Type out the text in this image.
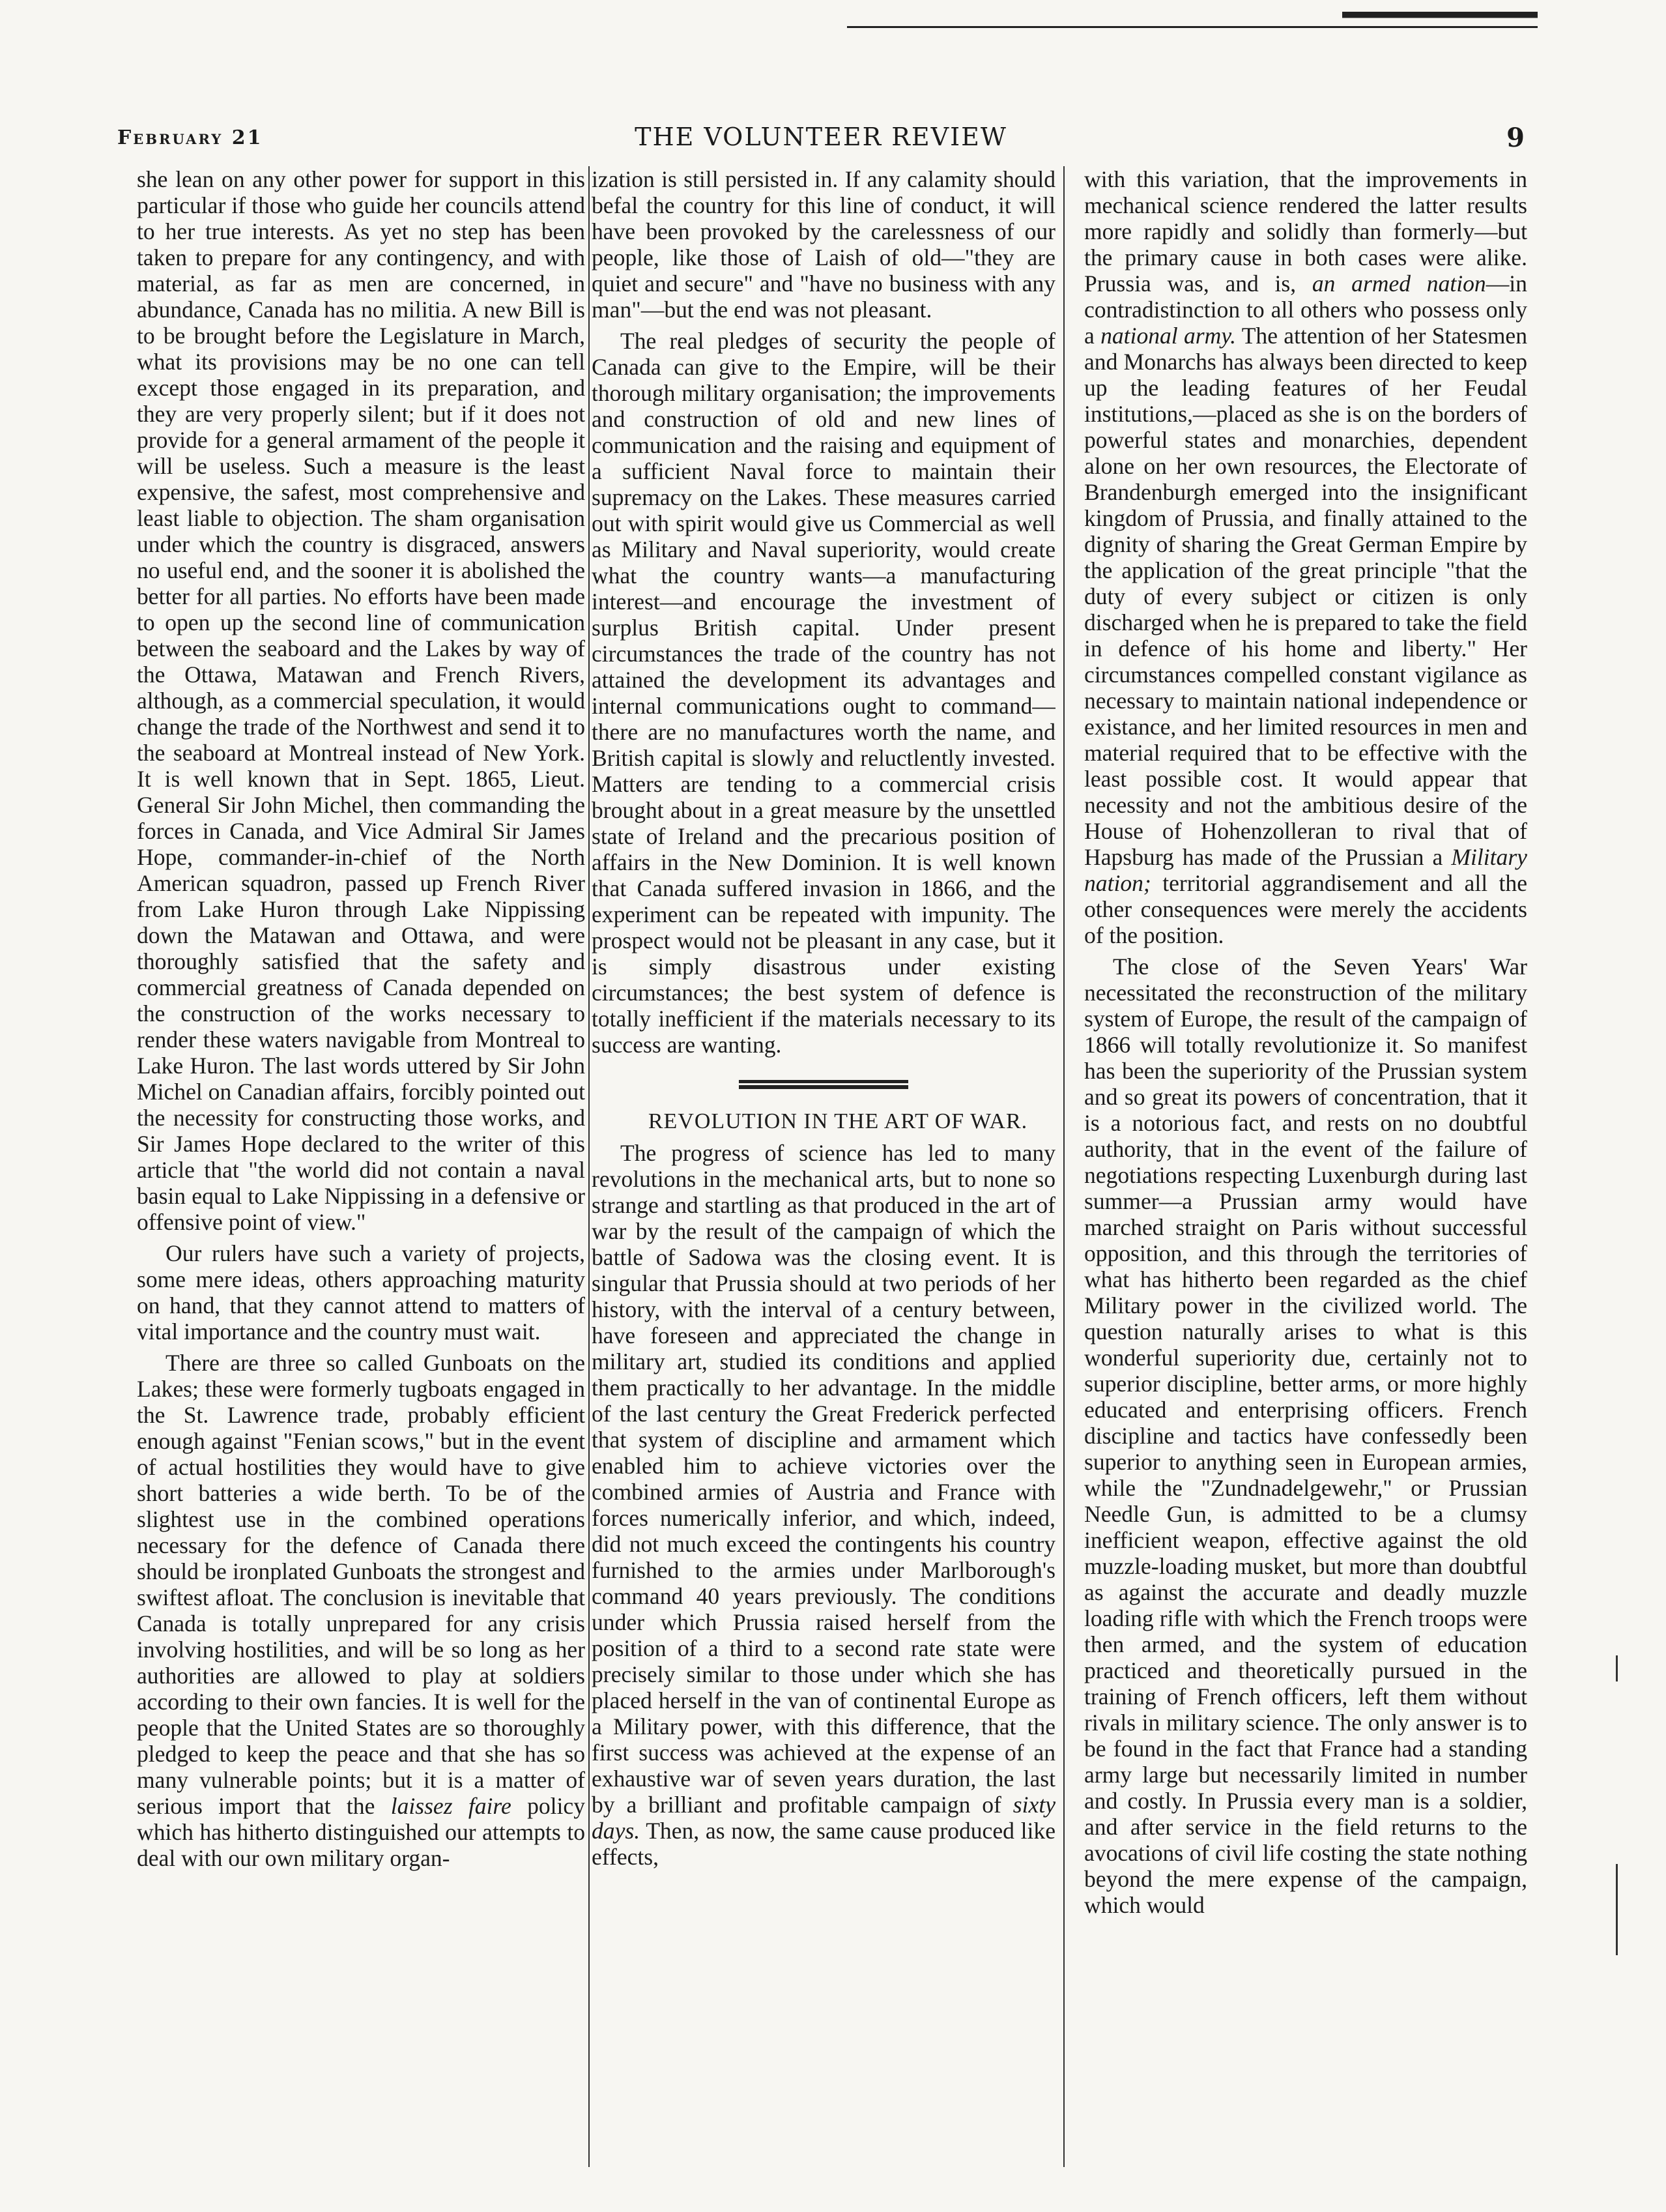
February 21	THE VOLUNTEER REVIEW	9

she lean on any other power for support in this particular if those who guide her councils attend to her true interests. As yet no step has been taken to prepare for any contingency, and with material, as far as men are concerned, in abundance, Canada has no militia. A new Bill is to be brought before the Legislature in March, what its provisions may be no one can tell except those engaged in its preparation, and they are very properly silent; but if it does not provide for a general armament of the people it will be useless. Such a measure is the least expensive, the safest, most comprehensive and least liable to objection. The sham organisation under which the country is disgraced, answers no useful end, and the sooner it is abolished the better for all parties. No efforts have been made to open up the second line of communication between the seaboard and the Lakes by way of the Ottawa, Matawan and French Rivers, although, as a commercial speculation, it would change the trade of the Northwest and send it to the seaboard at Montreal instead of New York. It is well known that in Sept. 1865, Lieut. General Sir John Michel, then commanding the forces in Canada, and Vice Admiral Sir James Hope, commander-in-chief of the North American squadron, passed up French River from Lake Huron through Lake Nippissing down the Matawan and Ottawa, and were thoroughly satisfied that the safety and commercial greatness of Canada depended on the construction of the works necessary to render these waters navigable from Montreal to Lake Huron. The last words uttered by Sir John Michel on Canadian affairs, forcibly pointed out the necessity for constructing those works, and Sir James Hope declared to the writer of this article that "the world did not contain a naval basin equal to Lake Nippissing in a defensive or offensive point of view."

Our rulers have such a variety of projects, some mere ideas, others approaching maturity on hand, that they cannot attend to matters of vital importance and the country must wait.

There are three so called Gunboats on the Lakes; these were formerly tugboats engaged in the St. Lawrence trade, probably efficient enough against "Fenian scows," but in the event of actual hostilities they would have to give short batteries a wide berth. To be of the slightest use in the combined operations necessary for the defence of Canada there should be ironplated Gunboats the strongest and swiftest afloat. The conclusion is inevitable that Canada is totally unprepared for any crisis involving hostilities, and will be so long as her authorities are allowed to play at soldiers according to their own fancies. It is well for the people that the United States are so thoroughly pledged to keep the peace and that she has so many vulnerable points; but it is a matter of serious import that the laissez faire policy which has hitherto distinguished our attempts to deal with our own military organ-

ization is still persisted in. If any calamity should befal the country for this line of conduct, it will have been provoked by the carelessness of our people, like those of Laish of old—"they are quiet and secure" and "have no business with any man"—but the end was not pleasant.

The real pledges of security the people of Canada can give to the Empire, will be their thorough military organisation; the improvements and construction of old and new lines of communication and the raising and equipment of a sufficient Naval force to maintain their supremacy on the Lakes. These measures carried out with spirit would give us Commercial as well as Military and Naval superiority, would create what the country wants—a manufacturing interest—and encourage the investment of surplus British capital. Under present circumstances the trade of the country has not attained the development its advantages and internal communications ought to command—there are no manufactures worth the name, and British capital is slowly and reluctlently invested. Matters are tending to a commercial crisis brought about in a great measure by the unsettled state of Ireland and the precarious position of affairs in the New Dominion. It is well known that Canada suffered invasion in 1866, and the experiment can be repeated with impunity. The prospect would not be pleasant in any case, but it is simply disastrous under existing circumstances; the best system of defence is totally inefficient if the materials necessary to its success are wanting.

REVOLUTION IN THE ART OF WAR.

The progress of science has led to many revolutions in the mechanical arts, but to none so strange and startling as that produced in the art of war by the result of the campaign of which the battle of Sadowa was the closing event. It is singular that Prussia should at two periods of her history, with the interval of a century between, have foreseen and appreciated the change in military art, studied its conditions and applied them practically to her advantage. In the middle of the last century the Great Frederick perfected that system of discipline and armament which enabled him to achieve victories over the combined armies of Austria and France with forces numerically inferior, and which, indeed, did not much exceed the contingents his country furnished to the armies under Marlborough's command 40 years previously. The conditions under which Prussia raised herself from the position of a third to a second rate state were precisely similar to those under which she has placed herself in the van of continental Europe as a Military power, with this difference, that the first success was achieved at the expense of an exhaustive war of seven years duration, the last by a brilliant and profitable campaign of sixty days. Then, as now, the same cause produced like effects,

with this variation, that the improvements in mechanical science rendered the latter results more rapidly and solidly than formerly—but the primary cause in both cases were alike. Prussia was, and is, an armed nation—in contradistinction to all others who possess only a national army. The attention of her Statesmen and Monarchs has always been directed to keep up the leading features of her Feudal institutions,—placed as she is on the borders of powerful states and monarchies, dependent alone on her own resources, the Electorate of Brandenburgh emerged into the insignificant kingdom of Prussia, and finally attained to the dignity of sharing the Great German Empire by the application of the great principle "that the duty of every subject or citizen is only discharged when he is prepared to take the field in defence of his home and liberty." Her circumstances compelled constant vigilance as necessary to maintain national independence or existance, and her limited resources in men and material required that to be effective with the least possible cost. It would appear that necessity and not the ambitious desire of the House of Hohenzolleran to rival that of Hapsburg has made of the Prussian a Military nation; territorial aggrandisement and all the other consequences were merely the accidents of the position.

The close of the Seven Years' War necessitated the reconstruction of the military system of Europe, the result of the campaign of 1866 will totally revolutionize it. So manifest has been the superiority of the Prussian system and so great its powers of concentration, that it is a notorious fact, and rests on no doubtful authority, that in the event of the failure of negotiations respecting Luxenburgh during last summer—a Prussian army would have marched straight on Paris without successful opposition, and this through the territories of what has hitherto been regarded as the chief Military power in the civilized world. The question naturally arises to what is this wonderful superiority due, certainly not to superior discipline, better arms, or more highly educated and enterprising officers. French discipline and tactics have confessedly been superior to anything seen in European armies, while the "Zundnadelgewehr," or Prussian Needle Gun, is admitted to be a clumsy inefficient weapon, effective against the old muzzle-loading musket, but more than doubtful as against the accurate and deadly muzzle loading rifle with which the French troops were then armed, and the system of education practiced and theoretically pursued in the training of French officers, left them without rivals in military science. The only answer is to be found in the fact that France had a standing army large but necessarily limited in number and costly. In Prussia every man is a soldier, and after service in the field returns to the avocations of civil life costing the state nothing beyond the mere expense of the campaign, which would
